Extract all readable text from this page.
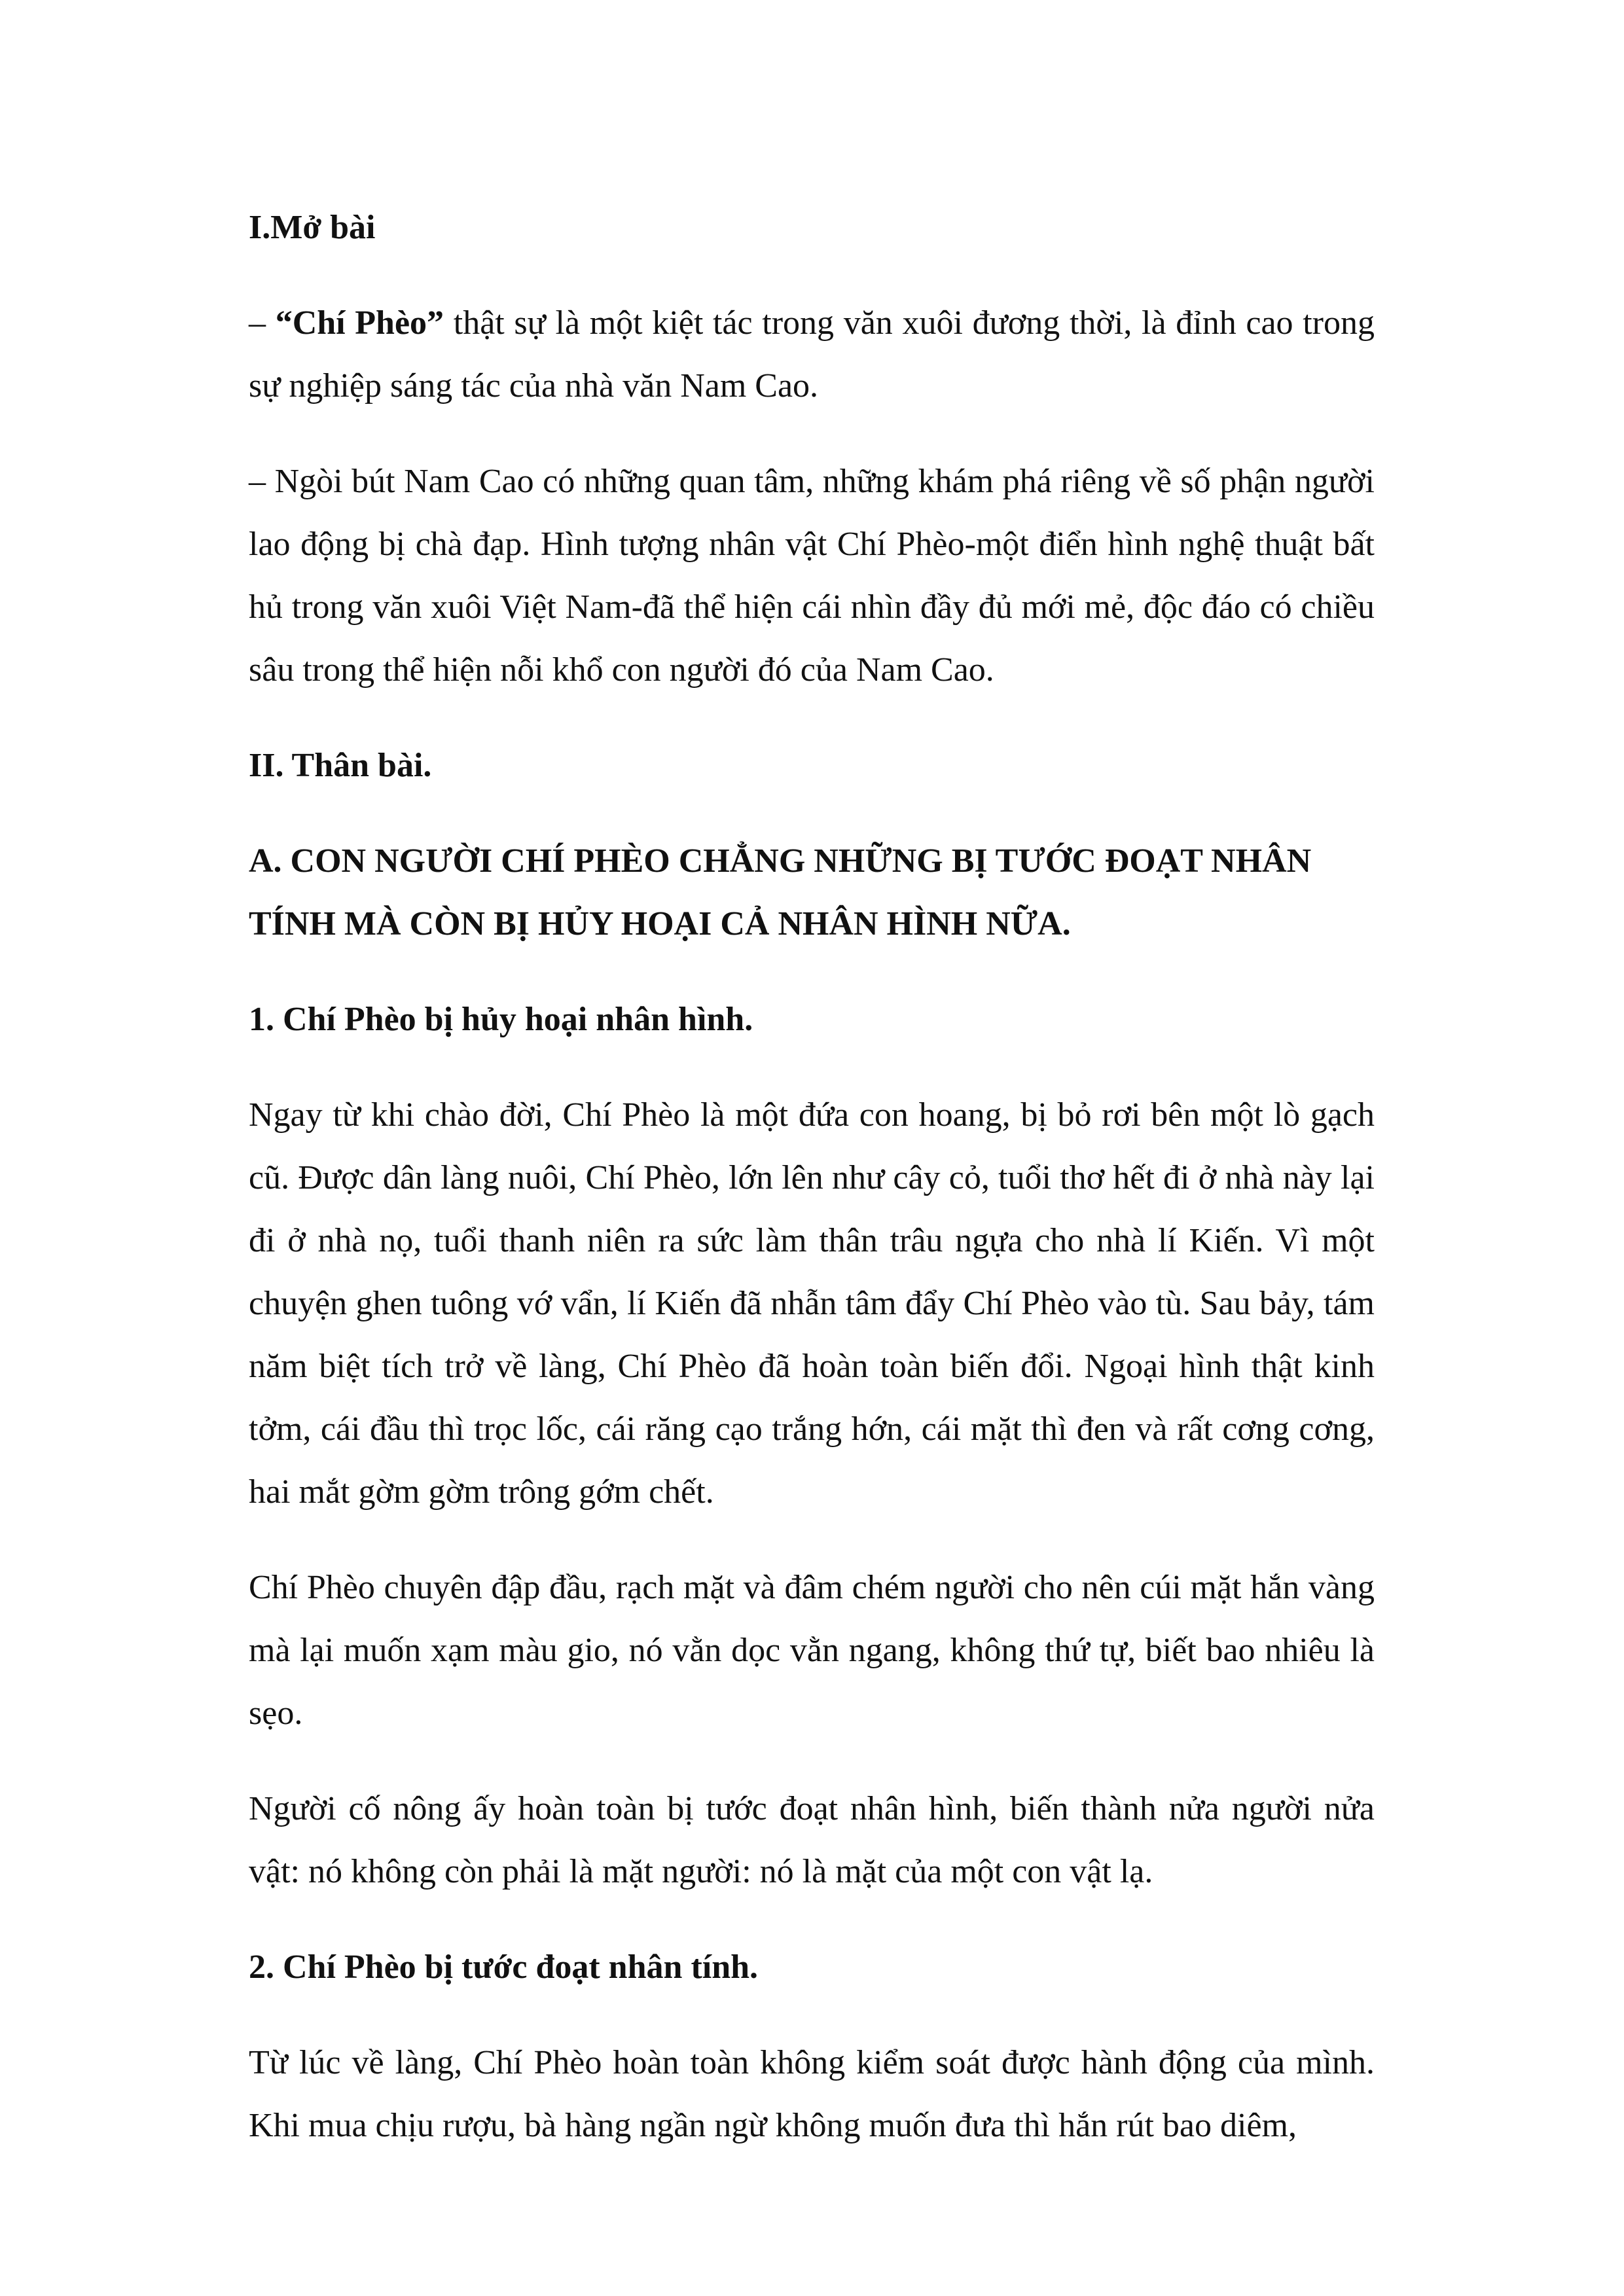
I.Mở bài

– “Chí Phèo” thật sự là một kiệt tác trong văn xuôi đương thời, là đỉnh cao trong sự nghiệp sáng tác của nhà văn Nam Cao.

– Ngòi bút Nam Cao có những quan tâm, những khám phá riêng về số phận người lao động bị chà đạp. Hình tượng nhân vật Chí Phèo-một điển hình nghệ thuật bất hủ trong văn xuôi Việt Nam-đã thể hiện cái nhìn đầy đủ mới mẻ, độc đáo có chiều sâu trong thể hiện nỗi khổ con người đó của Nam Cao.

II. Thân bài.

A. CON NGƯỜI CHÍ PHÈO CHẲNG NHỮNG BỊ TƯỚC ĐOẠT NHÂN TÍNH MÀ CÒN BỊ HỦY HOẠI CẢ NHÂN HÌNH NỮA.

1. Chí Phèo bị hủy hoại nhân hình.

Ngay từ khi chào đời, Chí Phèo là một đứa con hoang, bị bỏ rơi bên một lò gạch cũ. Được dân làng nuôi, Chí Phèo, lớn lên như cây cỏ, tuổi thơ hết đi ở nhà này lại đi ở nhà nọ, tuổi thanh niên ra sức làm thân trâu ngựa cho nhà lí Kiến. Vì một chuyện ghen tuông vớ vẩn, lí Kiến đã nhẫn tâm đẩy Chí Phèo vào tù. Sau bảy, tám năm biệt tích trở về làng, Chí Phèo đã hoàn toàn biến đổi. Ngoại hình thật kinh tởm, cái đầu thì trọc lốc, cái răng cạo trắng hớn, cái mặt thì đen và rất cơng cơng, hai mắt gờm gờm trông gớm chết.

Chí Phèo chuyên đập đầu, rạch mặt và đâm chém người cho nên cúi mặt hắn vàng mà lại muốn xạm màu gio, nó vằn dọc vằn ngang, không thứ tự, biết bao nhiêu là sẹo.

Người cố nông ấy hoàn toàn bị tước đoạt nhân hình, biến thành nửa người nửa vật: nó không còn phải là mặt người: nó là mặt của một con vật lạ.

2. Chí Phèo bị tước đoạt nhân tính.

Từ lúc về làng, Chí Phèo hoàn toàn không kiểm soát được hành động của mình. Khi mua chịu rượu, bà hàng ngần ngừ không muốn đưa thì hắn rút bao diêm,
